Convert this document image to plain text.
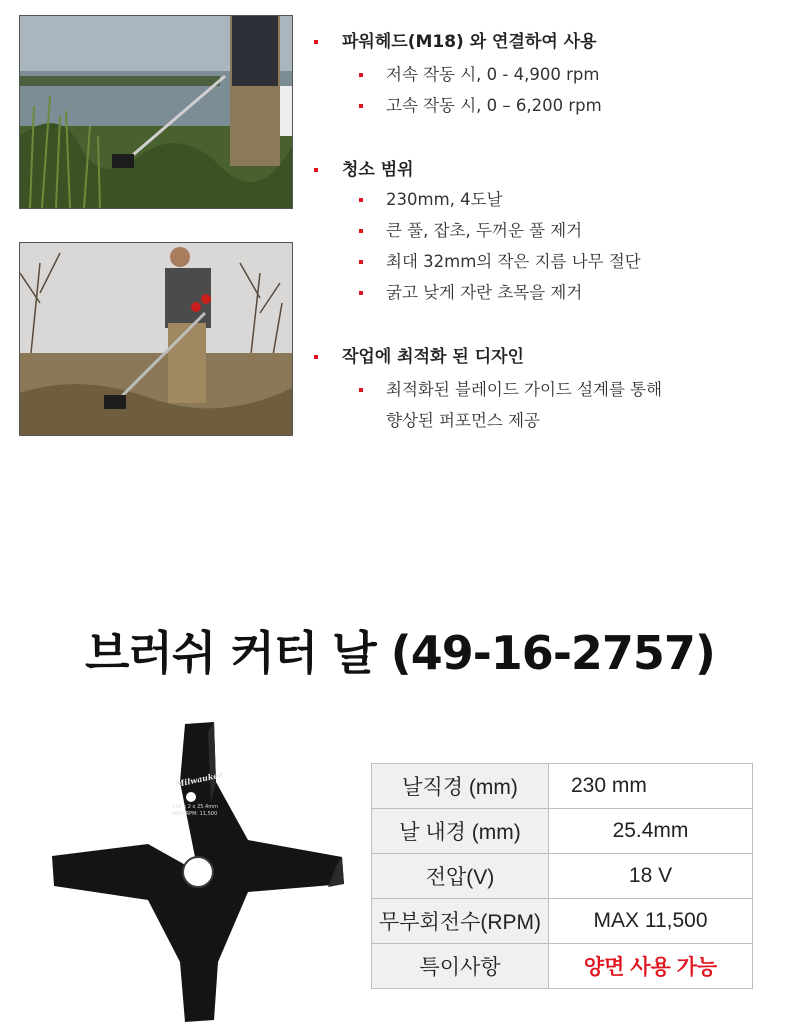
파워헤드(M18) 와 연결하여 사용
저속 작동 시, 0 - 4,900 rpm
고속 작동 시, 0 – 6,200 rpm
청소 범위
230mm, 4도날
큰 풀, 잡초, 두꺼운 풀 제거
최대 32mm의 작은 지름 나무 절단
굵고 낮게 자란 초목을 제거
작업에 최적화 된 디자인
최적화된 블레이드 가이드 설계를 통해
향상된 퍼포먼스 제공
브러쉬 커터 날 (49-16-2757)
Milwaukee
230 x 2 x 25.4mm
MAX RPM: 11,500
날직경 (mm)	230 mm
날 내경 (mm)	25.4mm
전압(V)	18 V
무부회전수(RPM)	MAX 11,500
특이사항	양면 사용 가능
